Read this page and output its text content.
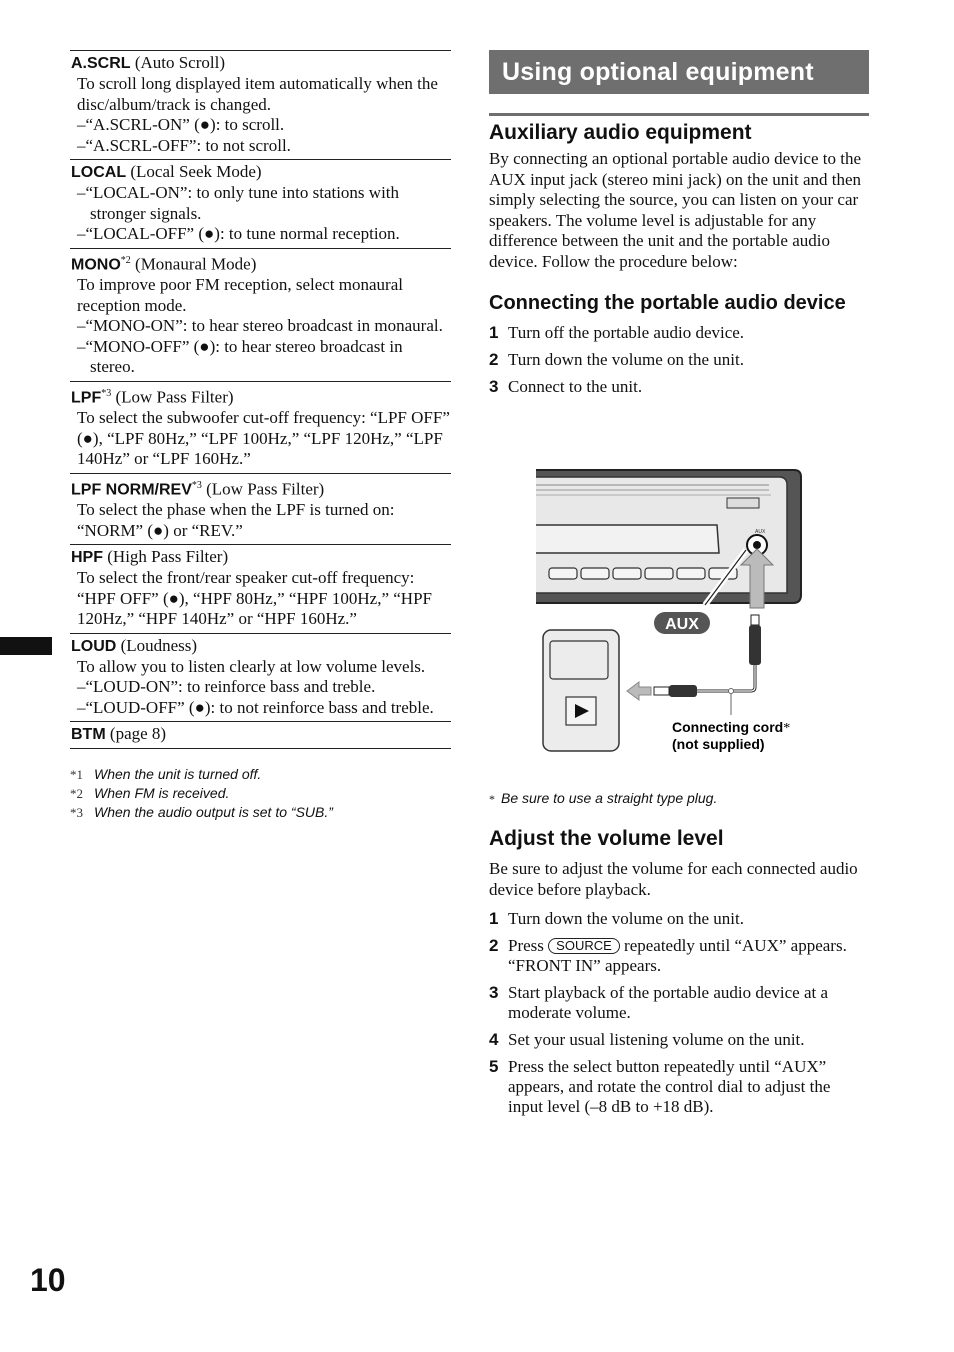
A.SCRL (Auto Scroll)
To scroll long displayed item automatically when the disc/album/track is changed.
–“A.SCRL-ON” (●): to scroll.
–“A.SCRL-OFF”: to not scroll.
LOCAL (Local Seek Mode)
–“LOCAL-ON”: to only tune into stations with stronger signals.
–“LOCAL-OFF” (●): to tune normal reception.
MONO$^{*2}$ (Monaural Mode)
To improve poor FM reception, select monaural reception mode.
–“MONO-ON”: to hear stereo broadcast in monaural.
–“MONO-OFF” (●): to hear stereo broadcast in stereo.
LPF$^{*3}$ (Low Pass Filter)
To select the subwoofer cut-off frequency: “LPF OFF” (●), “LPF 80Hz,” “LPF 100Hz,” “LPF 120Hz,” “LPF 140Hz” or “LPF 160Hz.”
LPF NORM/REV$^{*3}$ (Low Pass Filter)
To select the phase when the LPF is turned on: “NORM” (●) or “REV.”
HPF (High Pass Filter)
To select the front/rear speaker cut-off frequency: “HPF OFF” (●), “HPF 80Hz,” “HPF 100Hz,” “HPF 120Hz,” “HPF 140Hz” or “HPF 160Hz.”
LOUD (Loudness)
To allow you to listen clearly at low volume levels.
–“LOUD-ON”: to reinforce bass and treble.
–“LOUD-OFF” (●): to not reinforce bass and treble.
BTM (page 8)
*1 When the unit is turned off.
*2 When FM is received.
*3 When the audio output is set to “SUB.”
Using optional equipment
Auxiliary audio equipment

By connecting an optional portable audio device to the AUX input jack (stereo mini jack) on the unit and then simply selecting the source, you can listen on your car speakers. The volume level is adjustable for any difference between the unit and the portable audio device. Follow the procedure below:

Connecting the portable audio device
1 Turn off the portable audio device.
2 Turn down the volume on the unit.
3 Connect to the unit.
* Be sure to use a straight type plug.
Adjust the volume level

Be sure to adjust the volume for each connected audio device before playback.

1 Turn down the volume on the unit.
2 Press SOURCE repeatedly until “AUX” appears.
“FRONT IN” appears.
3 Start playback of the portable audio device at a moderate volume.
4 Set your usual listening volume on the unit.
5 Press the select button repeatedly until “AUX” appears, and rotate the control dial to adjust the input level (–8 dB to +18 dB).
AUX
AUX
Connecting cord*
(not supplied)
10
